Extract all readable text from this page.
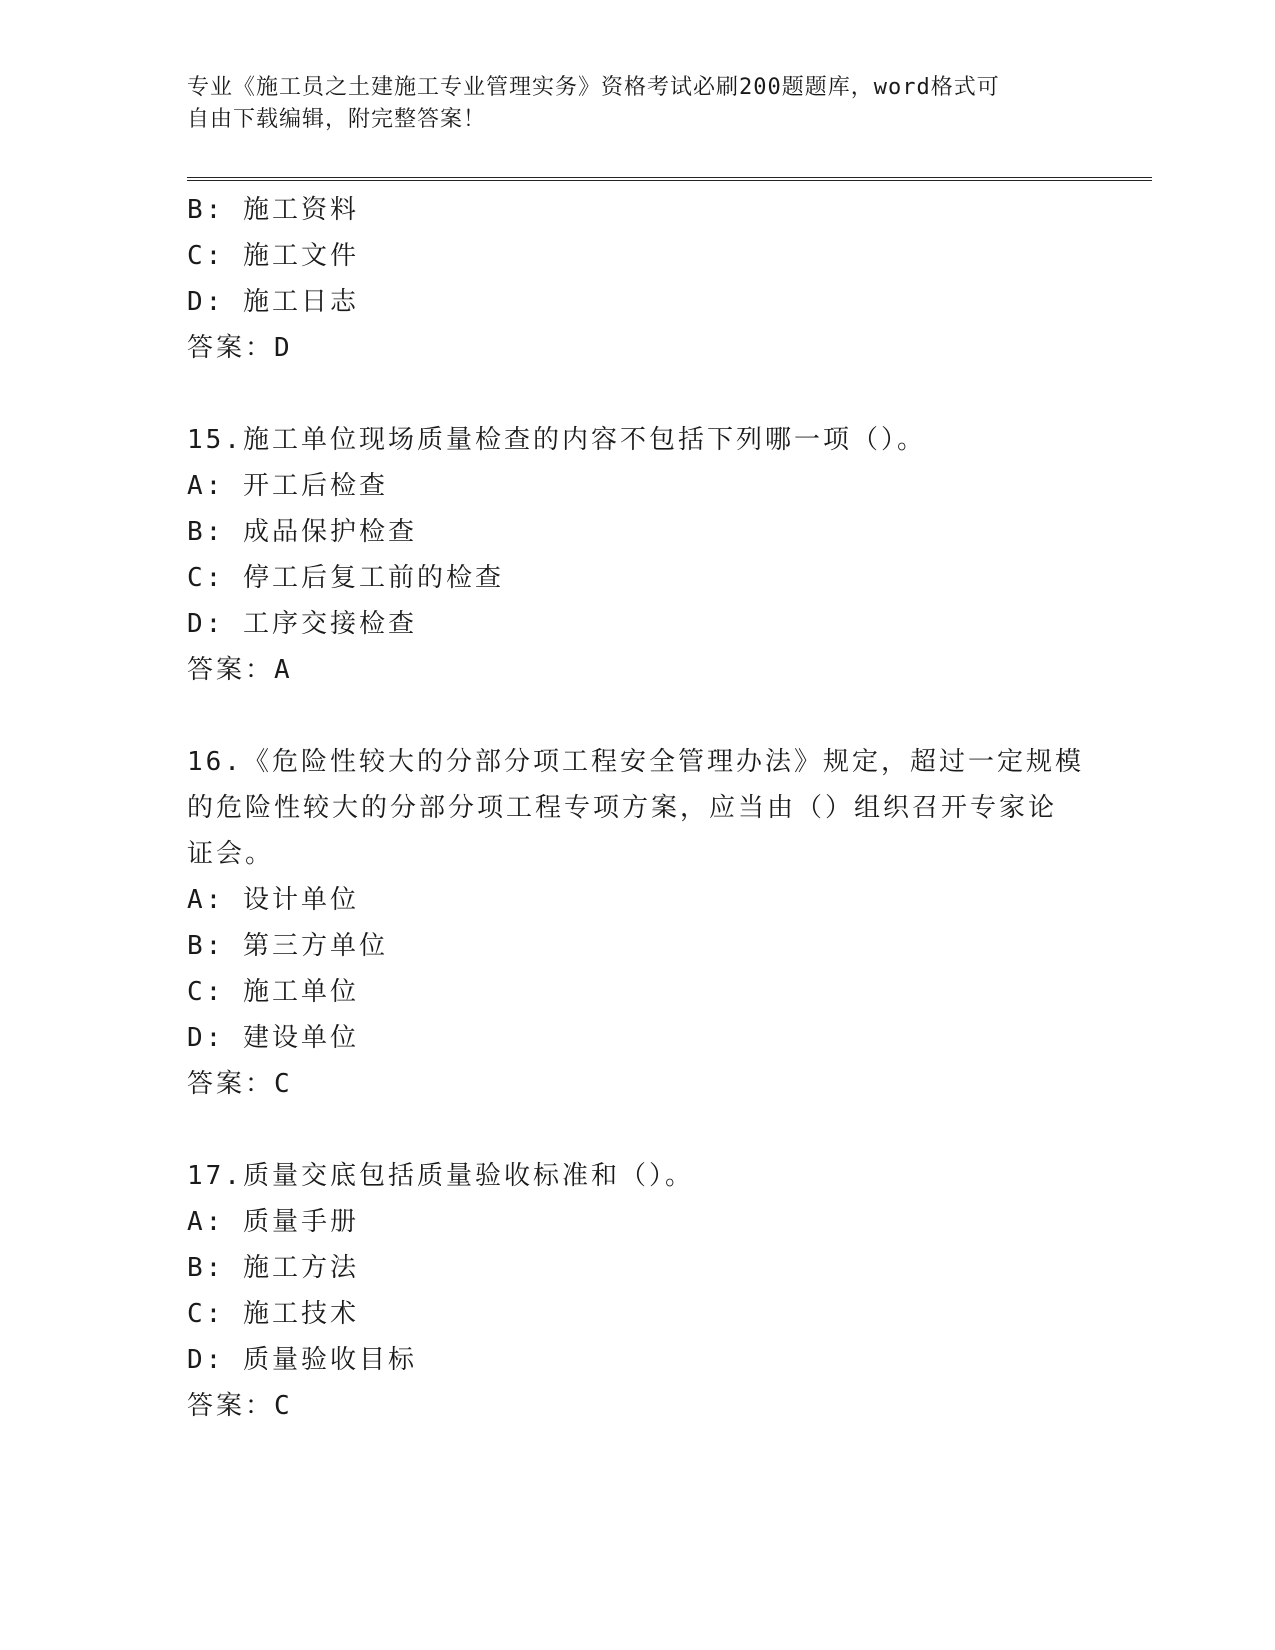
专业《施工员之土建施工专业管理实务》资格考试必刷200题题库，word格式可
自由下载编辑，附完整答案！
B: 施工资料
C: 施工文件
D: 施工日志
答案：D
15.施工单位现场质量检查的内容不包括下列哪一项（）。
A: 开工后检查
B: 成品保护检查
C: 停工后复工前的检查
D: 工序交接检查
答案：A
16.《危险性较大的分部分项工程安全管理办法》规定，超过一定规模
的危险性较大的分部分项工程专项方案，应当由（）组织召开专家论
证会。
A: 设计单位
B: 第三方单位
C: 施工单位
D: 建设单位
答案：C
17.质量交底包括质量验收标准和（）。
A: 质量手册
B: 施工方法
C: 施工技术
D: 质量验收目标
答案：C
